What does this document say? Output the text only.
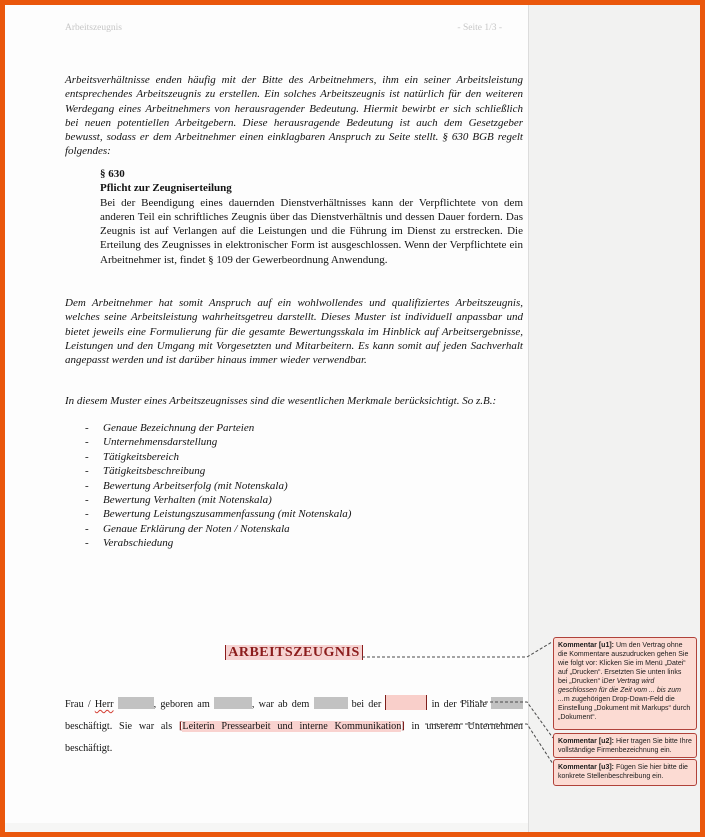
Arbeitszeugnis	- Seite 1/3 -

Arbeitsverhältnisse enden häufig mit der Bitte des Arbeitnehmers, ihm ein seiner Arbeitsleistung entsprechendes Arbeitszeugnis zu erstellen. Ein solches Arbeitszeugnis ist natürlich für den weiteren Werdegang eines Arbeitnehmers von herausragender Bedeutung. Hiermit bewirbt er sich schließlich bei neuen potentiellen Arbeitgebern. Diese herausragende Bedeutung ist auch dem Gesetzgeber bewusst, sodass er dem Arbeitnehmer einen einklagbaren Anspruch zu Seite stellt. § 630 BGB regelt folgendes:

§ 630
Pflicht zur Zeugniserteilung
Bei der Beendigung eines dauernden Dienstverhältnisses kann der Verpflichtete von dem anderen Teil ein schriftliches Zeugnis über das Dienstverhältnis und dessen Dauer fordern. Das Zeugnis ist auf Verlangen auf die Leistungen und die Führung im Dienst zu erstrecken. Die Erteilung des Zeugnisses in elektronischer Form ist ausgeschlossen. Wenn der Verpflichtete ein Arbeitnehmer ist, findet § 109 der Gewerbeordnung Anwendung.

Dem Arbeitnehmer hat somit Anspruch auf ein wohlwollendes und qualifiziertes Arbeitszeugnis, welches seine Arbeitsleistung wahrheitsgetreu darstellt. Dieses Muster ist individuell anpassbar und bietet jeweils eine Formulierung für die gesamte Bewertungsskala im Hinblick auf Arbeitsergebnisse, Leistungen und den Umgang mit Vorgesetzten und Mitarbeitern. Es kann somit auf jeden Sachverhalt angepasst werden und ist darüber hinaus immer wieder verwendbar.

In diesem Muster eines Arbeitszeugnisses sind die wesentlichen Merkmale berücksichtigt. So z.B.:

-	Genaue Bezeichnung der Parteien
-	Unternehmensdarstellung
-	Tätigkeitsbereich
-	Tätigkeitsbeschreibung
-	Bewertung Arbeitserfolg (mit Notenskala)
-	Bewertung Verhalten (mit Notenskala)
-	Bewertung Leistungszusammenfassung (mit Notenskala)
-	Genaue Erklärung der Noten / Notenskala
-	Verabschiedung
ARBEITSZEUGNIS

Frau / Herr	, geboren am	, war ab dem	bei der	in der Filiale  beschäftigt. Sie war als [Leiterin Pressearbeit und interne Kommunikation] in unserem Unternehmen beschäftigt.

Kommentar [u1]: Um den Vertrag ohne die Kommentare auszudrucken gehen Sie wie folgt vor: Klicken Sie im Menü „Datei“ auf „Drucken“. Ersetzten Sie unten links bei „Drucken“ iDer Vertrag wird geschlossen für die Zeit vom ... bis zum ...m zugehörigen Drop-Down-Feld die Einstellung „Dokument mit Markups“ durch „Dokument“.
Kommentar [u2]: Hier tragen Sie bitte Ihre vollständige Firmenbezeichnung ein.
Kommentar [u3]: Fügen Sie hier bitte die konkrete Stellenbeschreibung ein.
